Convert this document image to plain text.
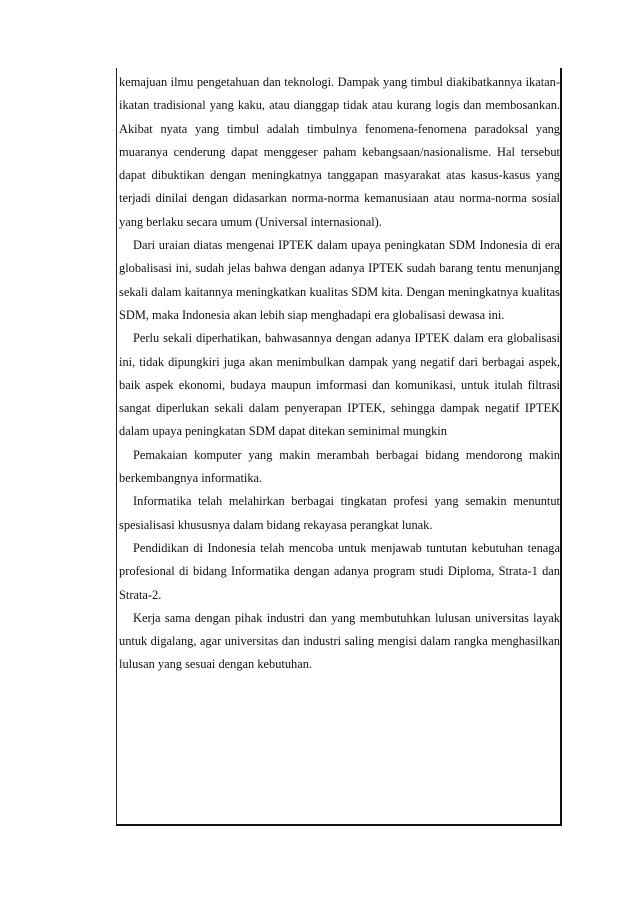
kemajuan ilmu pengetahuan dan teknologi. Dampak yang timbul diakibatkannya ikatan-ikatan tradisional yang kaku, atau dianggap tidak atau kurang logis dan membosankan. Akibat nyata yang timbul adalah timbulnya fenomena-fenomena paradoksal yang muaranya cenderung dapat menggeser paham kebangsaan/nasionalisme. Hal tersebut dapat dibuktikan dengan meningkatnya tanggapan masyarakat atas kasus-kasus yang terjadi dinilai dengan didasarkan norma-norma kemanusiaan atau norma-norma sosial yang berlaku secara umum (Universal internasional).

Dari uraian diatas mengenai IPTEK dalam upaya peningkatan SDM Indonesia di era globalisasi ini, sudah jelas bahwa dengan adanya IPTEK sudah barang tentu menunjang sekali dalam kaitannya meningkatkan kualitas SDM kita. Dengan meningkatnya kualitas SDM, maka Indonesia akan lebih siap menghadapi era globalisasi dewasa ini.

Perlu sekali diperhatikan, bahwasannya dengan adanya IPTEK dalam era globalisasi ini, tidak dipungkiri juga akan menimbulkan dampak yang negatif dari berbagai aspek, baik aspek ekonomi, budaya maupun imformasi dan komunikasi, untuk itulah filtrasi sangat diperlukan sekali dalam penyerapan IPTEK, sehingga dampak negatif IPTEK dalam upaya peningkatan SDM dapat ditekan seminimal mungkin

Pemakaian komputer yang makin merambah berbagai bidang mendorong makin berkembangnya informatika.

Informatika telah melahirkan berbagai tingkatan profesi yang semakin menuntut spesialisasi khususnya dalam bidang rekayasa perangkat lunak.

Pendidikan di Indonesia telah mencoba untuk menjawab tuntutan kebutuhan tenaga profesional di bidang Informatika dengan adanya program studi Diploma, Strata-1 dan Strata-2.

Kerja sama dengan pihak industri dan yang membutuhkan lulusan universitas layak untuk digalang, agar universitas dan industri saling mengisi dalam rangka menghasilkan lulusan yang sesuai dengan kebutuhan.
